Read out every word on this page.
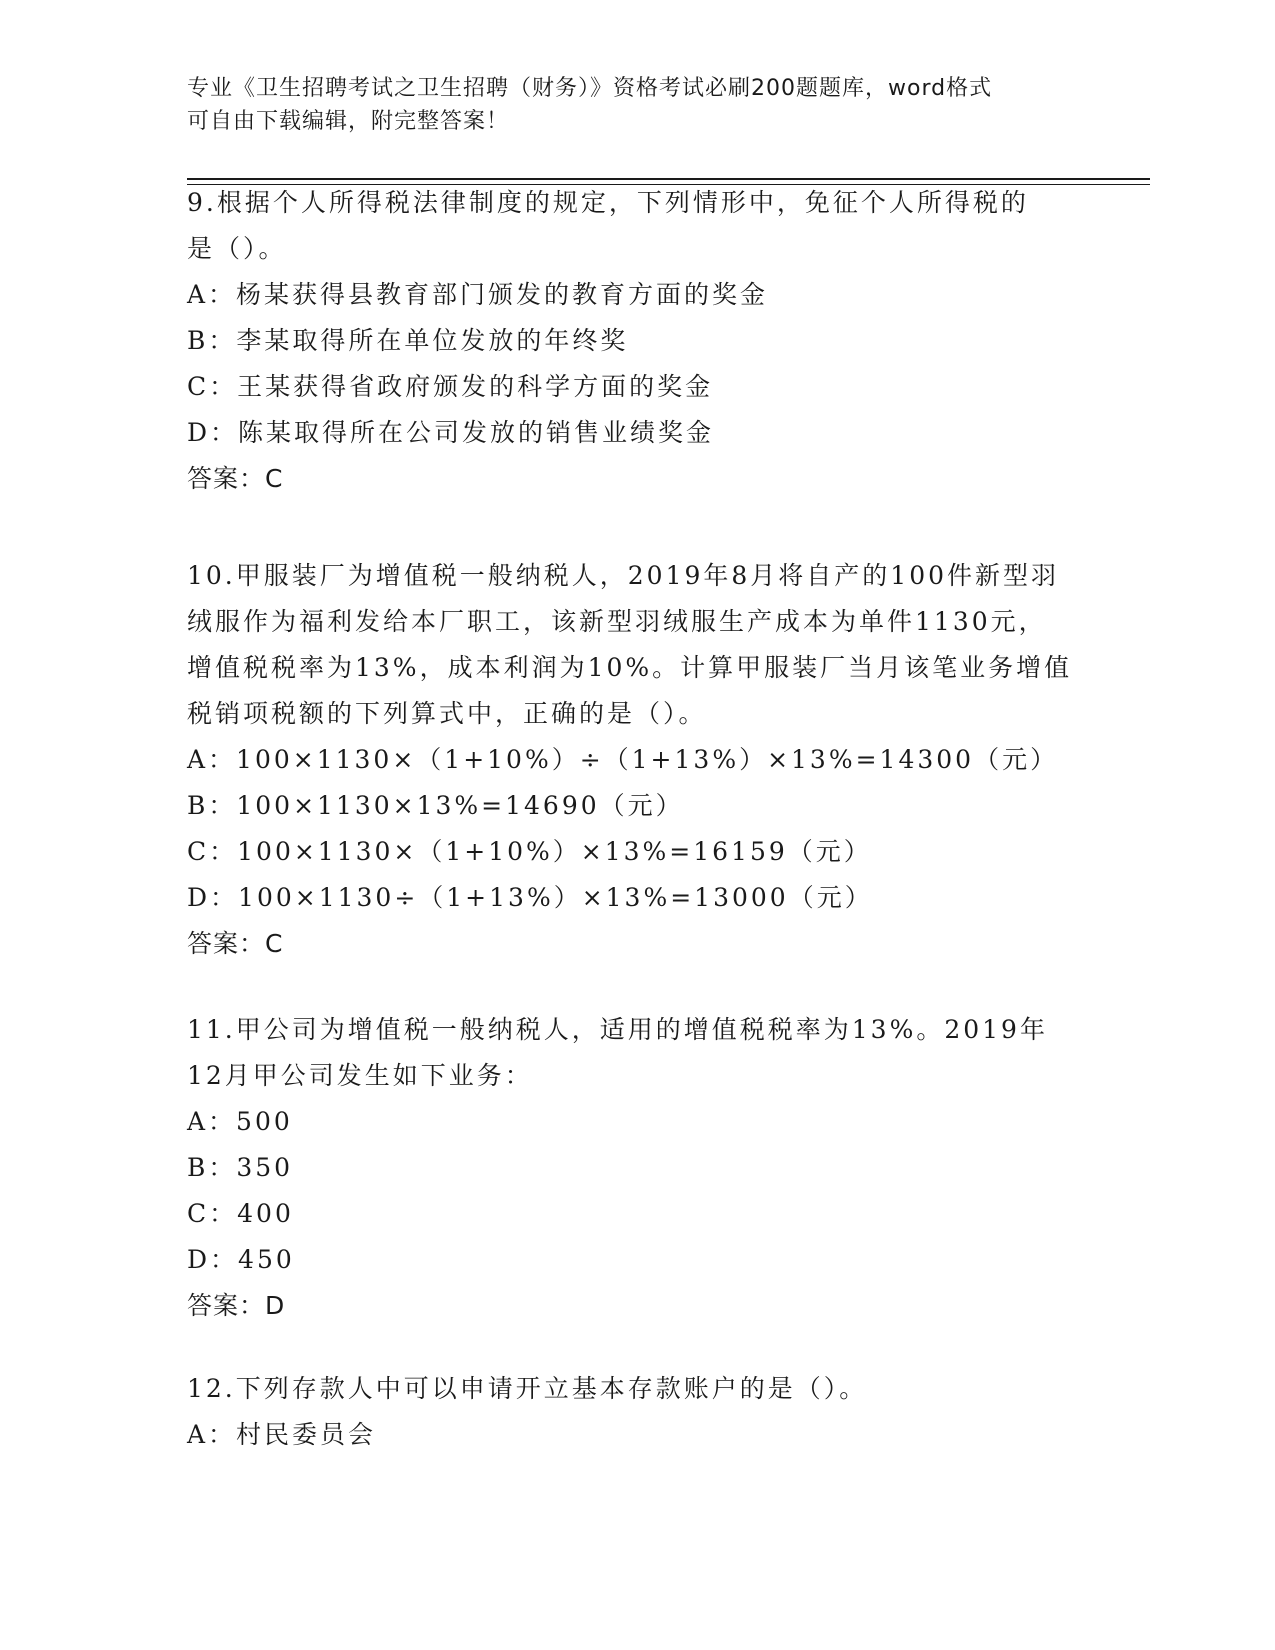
专业《卫生招聘考试之卫生招聘（财务）》资格考试必刷200题题库，word格式
可自由下载编辑，附完整答案！
9.根据个人所得税法律制度的规定，下列情形中，免征个人所得税的
是（）。
A：杨某获得县教育部门颁发的教育方面的奖金
B：李某取得所在单位发放的年终奖
C：王某获得省政府颁发的科学方面的奖金
D：陈某取得所在公司发放的销售业绩奖金
答案：C
10.甲服装厂为增值税一般纳税人，2019年8月将自产的100件新型羽
绒服作为福利发给本厂职工，该新型羽绒服生产成本为单件1130元，
增值税税率为13%，成本利润为10%。计算甲服装厂当月该笔业务增值
税销项税额的下列算式中，正确的是（）。
A：100×1130×（1+10%）÷（1+13%）×13%=14300（元）
B：100×1130×13%=14690（元）
C：100×1130×（1+10%）×13%=16159（元）
D：100×1130÷（1+13%）×13%=13000（元）
答案：C
11.甲公司为增值税一般纳税人，适用的增值税税率为13%。2019年
12月甲公司发生如下业务：
A：500
B：350
C：400
D：450
答案：D
12.下列存款人中可以申请开立基本存款账户的是（）。
A：村民委员会
